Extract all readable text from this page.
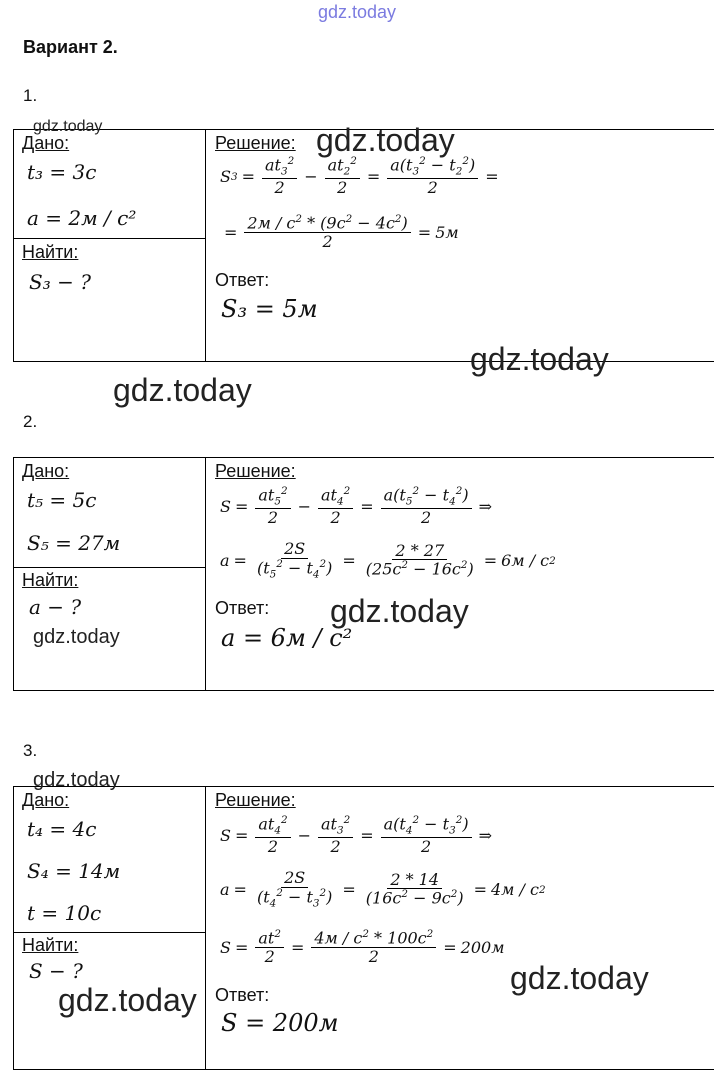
gdz.today
Вариант 2.
1.
Дано:
t₃ = 3c
a = 2м / c²
Найти:
S₃ − ?
Решение:
S $3 = \frac{at_3^2}{2} - \frac{at_2^2}{2} = \frac{a(t_3^2 - t_2^2)}{2}$ =
= $\frac{2м / c^2 * (9c^2 - 4c^2)}{2} = 5м$
Ответ:
S₃ = 5м
2.
Дано:
t₅ = 5c
S₅ = 27м
Найти:
a − ?
Решение:
$S = \frac{at_5^2}{2} - \frac{at_4^2}{2} = \frac{a(t_5^2 - t_4^2)}{2}$ ⇒
$a = \frac{2S}{(t_5^2 - t_4^2)} = \frac{2 * 27}{(25c^2 - 16c^2)} = 6м / c$ 2
Ответ:
a = 6м / c²
3.
Дано:
t₄ = 4c
S₄ = 14м
t = 10c
Найти:
S − ?
Решение:
$S = \frac{at_4^2}{2} - \frac{at_3^2}{2} = \frac{a(t_4^2 - t_3^2)}{2}$ ⇒
$a = \frac{2S}{(t_4^2 - t_3^2)} = \frac{2 * 14}{(16c^2 - 9c^2)} = 4м / c$ 2
$S = \frac{at^2}{2} = \frac{4м / c^2 * 100c^2}{2} = 200м$
Ответ:
S = 200м
gdz.today	gdz.today
gdz.today
gdz.today
gdz.today
gdz.today
gdz.today
gdz.today
gdz.today
